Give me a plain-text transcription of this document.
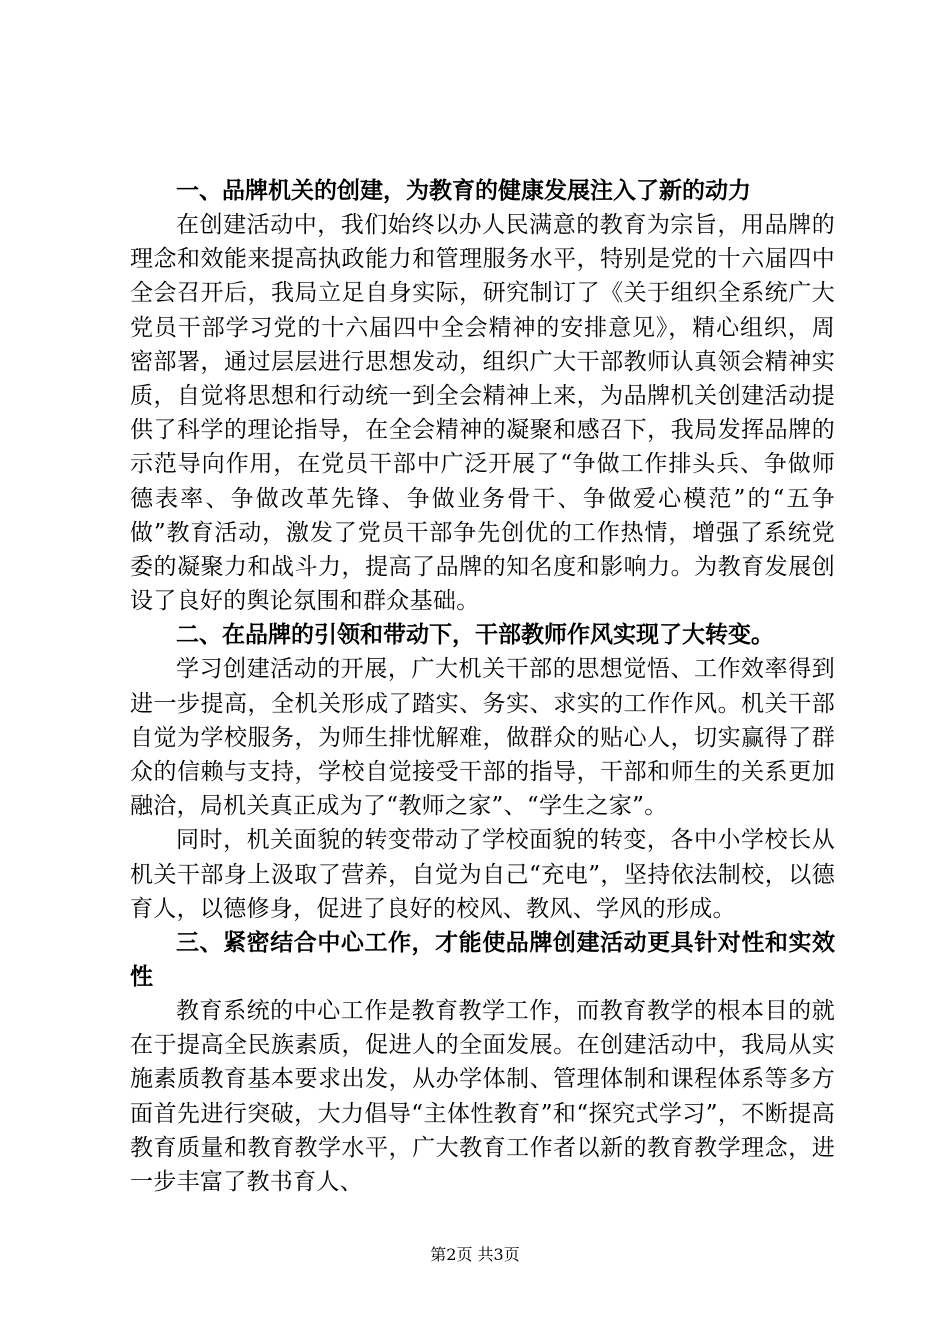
一、品牌机关的创建，为教育的健康发展注入了新的动力

在创建活动中，我们始终以办人民满意的教育为宗旨，用品牌的理念和效能来提高执政能力和管理服务水平，特别是党的十六届四中全会召开后，我局立足自身实际，研究制订了《关于组织全系统广大党员干部学习党的十六届四中全会精神的安排意见》，精心组织，周密部署，通过层层进行思想发动，组织广大干部教师认真领会精神实质，自觉将思想和行动统一到全会精神上来，为品牌机关创建活动提供了科学的理论指导，在全会精神的凝聚和感召下，我局发挥品牌的示范导向作用，在党员干部中广泛开展了“争做工作排头兵、争做师德表率、争做改革先锋、争做业务骨干、争做爱心模范”的“五争做”教育活动，激发了党员干部争先创优的工作热情，增强了系统党委的凝聚力和战斗力，提高了品牌的知名度和影响力。为教育发展创设了良好的舆论氛围和群众基础。

二、在品牌的引领和带动下，干部教师作风实现了大转变。

学习创建活动的开展，广大机关干部的思想觉悟、工作效率得到进一步提高，全机关形成了踏实、务实、求实的工作作风。机关干部自觉为学校服务，为师生排忧解难，做群众的贴心人，切实赢得了群众的信赖与支持，学校自觉接受干部的指导，干部和师生的关系更加融洽，局机关真正成为了“教师之家”、“学生之家”。

同时，机关面貌的转变带动了学校面貌的转变，各中小学校长从机关干部身上汲取了营养，自觉为自己“充电”，坚持依法制校，以德育人，以德修身，促进了良好的校风、教风、学风的形成。

三、紧密结合中心工作，才能使品牌创建活动更具针对性和实效性

教育系统的中心工作是教育教学工作，而教育教学的根本目的就在于提高全民族素质，促进人的全面发展。在创建活动中，我局从实施素质教育基本要求出发，从办学体制、管理体制和课程体系等多方面首先进行突破，大力倡导“主体性教育”和“探究式学习”，不断提高教育质量和教育教学水平，广大教育工作者以新的教育教学理念，进一步丰富了教书育人、

第2页 共3页
